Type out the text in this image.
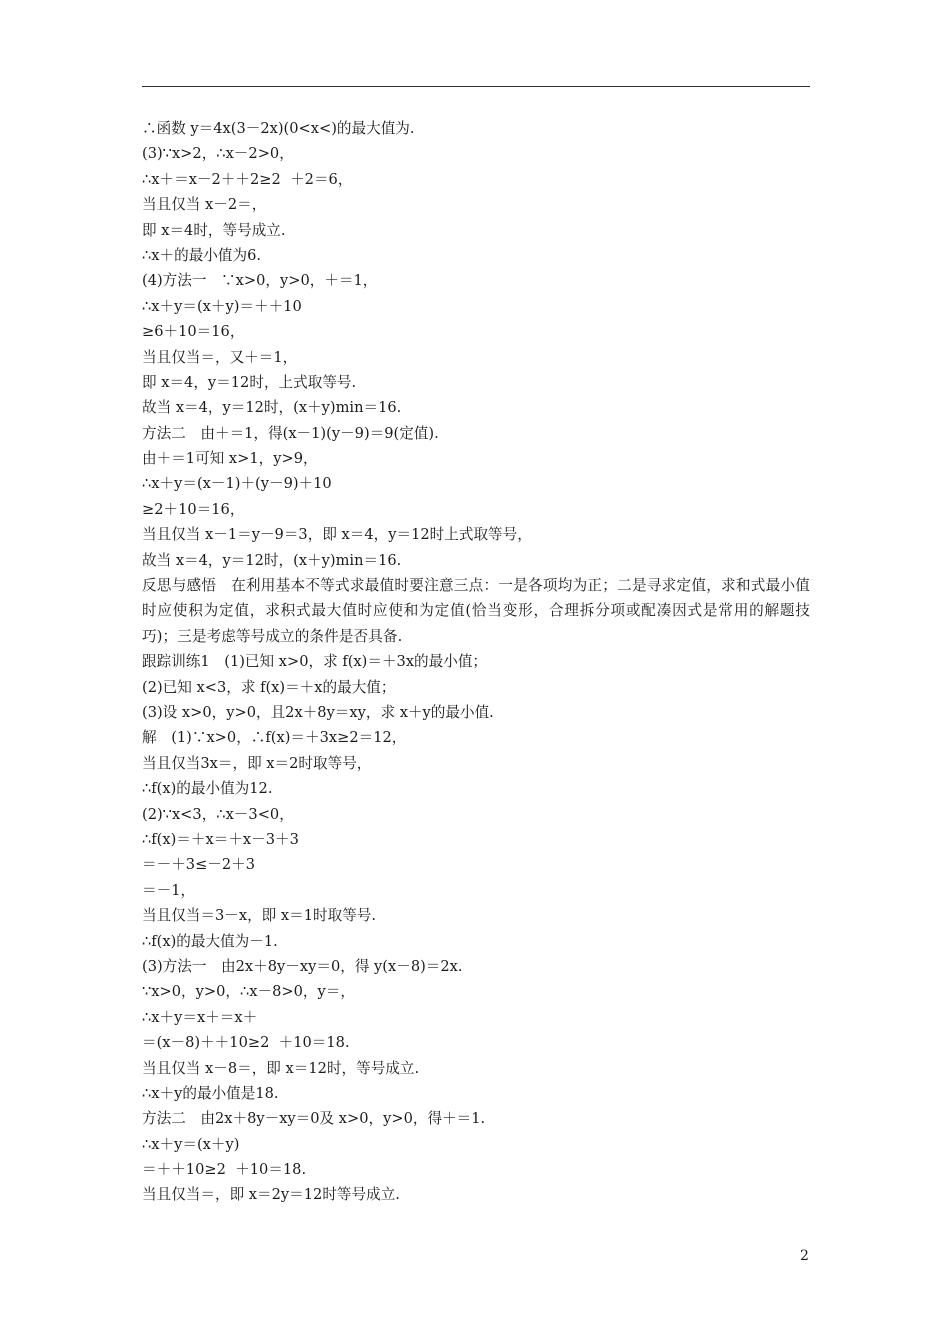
∴函数 y＝4x(3－2x)(0<x<)的最大值为.
(3)∵x>2，∴x－2>0，
∴x＋＝x－2＋＋2≥2  ＋2＝6，
当且仅当 x－2＝，
即 x＝4时，等号成立.
∴x＋的最小值为6.
(4)方法一　∵x>0，y>0，＋＝1，
∴x＋y＝(x＋y)＝＋＋10
≥6＋10＝16，
当且仅当＝，又＋＝1，
即 x＝4，y＝12时，上式取等号.
故当 x＝4，y＝12时，(x＋y)min＝16.
方法二　由＋＝1，得(x－1)(y－9)＝9(定值).
由＋＝1可知 x>1，y>9，
∴x＋y＝(x－1)＋(y－9)＋10
≥2＋10＝16，
当且仅当 x－1＝y－9＝3，即 x＝4，y＝12时上式取等号，
故当 x＝4，y＝12时，(x＋y)min＝16.
反思与感悟　在利用基本不等式求最值时要注意三点：一是各项均为正；二是寻求定值，求和式最小值时应使积为定值，求积式最大值时应使和为定值(恰当变形，合理拆分项或配凑因式是常用的解题技巧)；三是考虑等号成立的条件是否具备.
跟踪训练1　(1)已知 x>0，求 f(x)＝＋3x的最小值；
(2)已知 x<3，求 f(x)＝＋x的最大值；
(3)设 x>0，y>0，且2x＋8y＝xy，求 x＋y的最小值.
解　(1)∵x>0，∴f(x)＝＋3x≥2＝12，
当且仅当3x＝，即 x＝2时取等号，
∴f(x)的最小值为12.
(2)∵x<3，∴x－3<0，
∴f(x)＝＋x＝＋x－3＋3
＝－＋3≤－2＋3
＝－1，
当且仅当＝3－x，即 x＝1时取等号.
∴f(x)的最大值为－1.
(3)方法一　由2x＋8y－xy＝0，得 y(x－8)＝2x.
∵x>0，y>0，∴x－8>0，y＝，
∴x＋y＝x＋＝x＋
＝(x－8)＋＋10≥2  ＋10＝18.
当且仅当 x－8＝，即 x＝12时，等号成立.
∴x＋y的最小值是18.
方法二　由2x＋8y－xy＝0及 x>0，y>0，得＋＝1.
∴x＋y＝(x＋y)
＝＋＋10≥2  ＋10＝18.
当且仅当＝，即 x＝2y＝12时等号成立.
2
